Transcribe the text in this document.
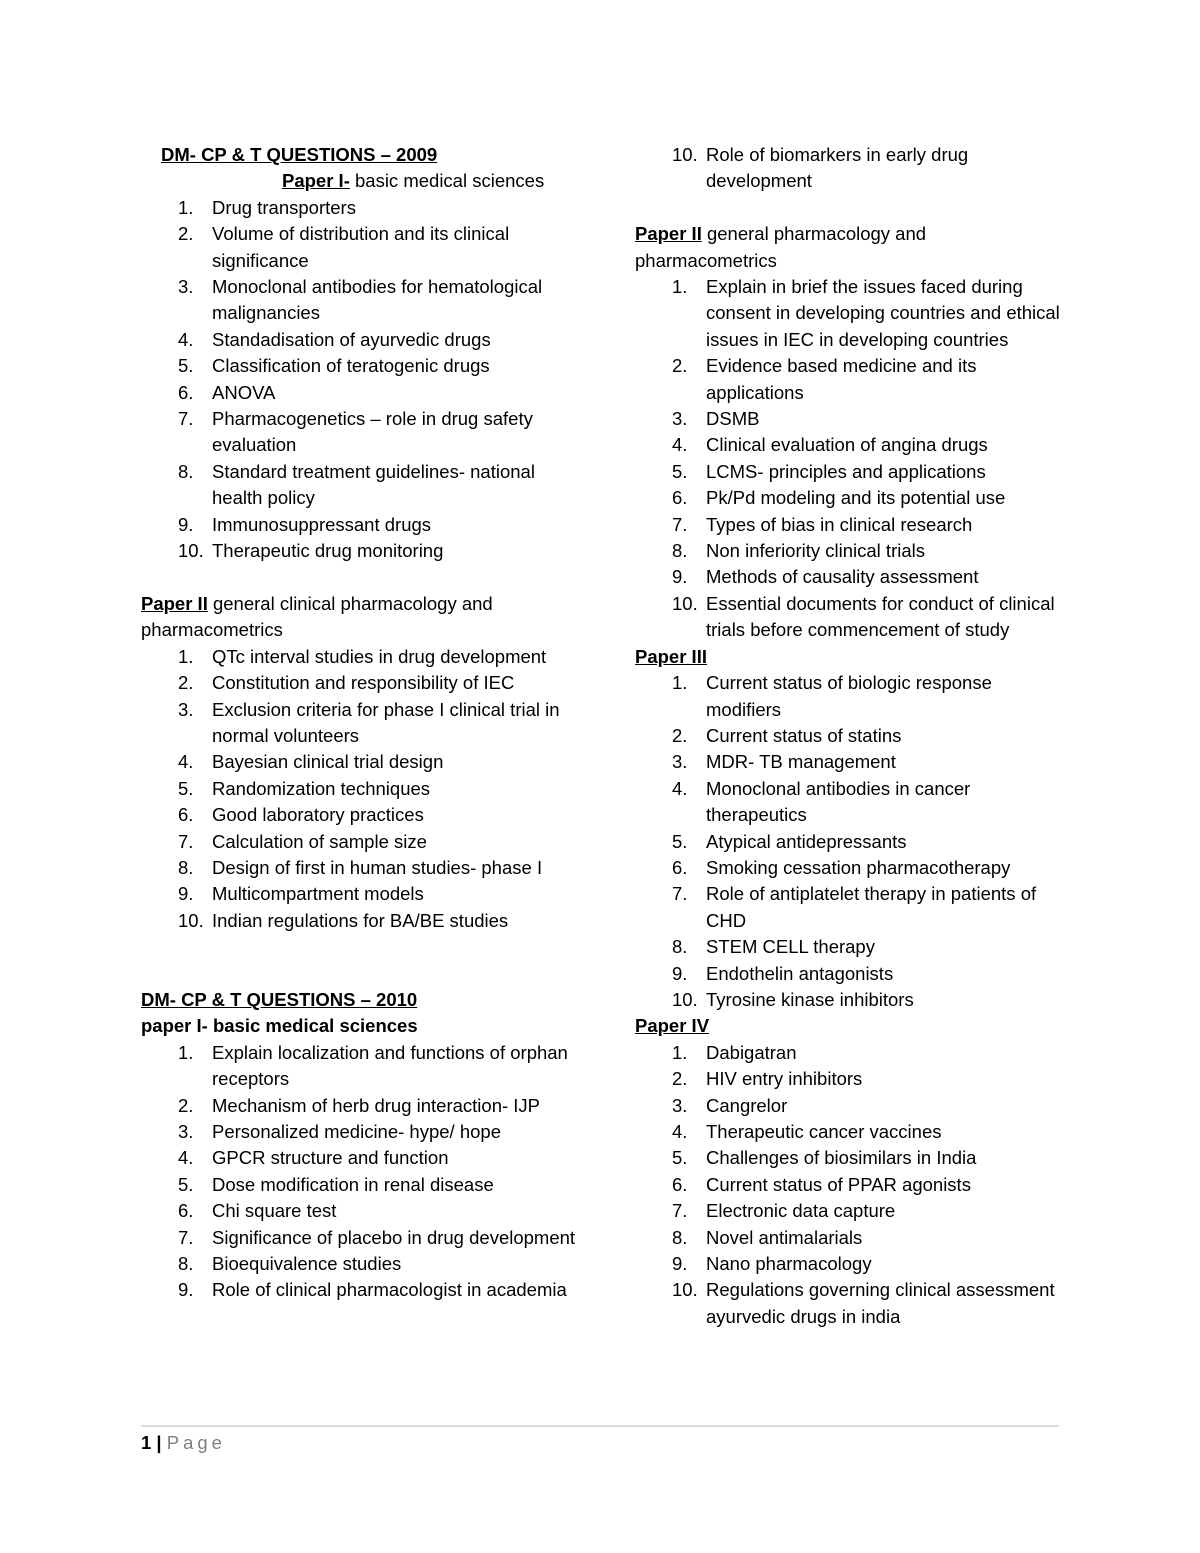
DM- CP & T QUESTIONS – 2009
Paper I- basic medical sciences
1.	Drug transporters
2.	Volume of distribution and its clinical significance
3.	Monoclonal antibodies for hematological malignancies
4.	Standadisation of ayurvedic drugs
5.	Classification of teratogenic drugs
6.	ANOVA
7.	Pharmacogenetics – role in drug safety evaluation
8.	Standard treatment guidelines- national health policy
9.	Immunosuppressant drugs
10. Therapeutic drug monitoring
Paper II general clinical pharmacology and pharmacometrics
1.	QTc interval studies in drug development
2.	Constitution and responsibility of IEC
3.	Exclusion criteria for phase I clinical trial in normal volunteers
4.	Bayesian clinical trial design
5.	Randomization techniques
6.	Good laboratory practices
7.	Calculation of sample size
8.	Design of first in human studies- phase I
9.	Multicompartment models
10. Indian regulations for BA/BE studies
DM- CP & T QUESTIONS – 2010
paper I- basic medical sciences
1.	Explain localization and functions of orphan receptors
2.	Mechanism of herb drug interaction- IJP
3.	Personalized medicine- hype/ hope
4.	GPCR structure and function
5.	Dose modification in renal disease
6.	Chi square test
7.	Significance of placebo in drug development
8.	Bioequivalence studies
9.	Role of clinical pharmacologist in academia
10. Role of biomarkers in early drug development
Paper II general pharmacology and pharmacometrics
1.	Explain in brief the issues faced during consent in developing countries and ethical issues in IEC in developing countries
2.	Evidence based medicine and its applications
3.	DSMB
4.	Clinical evaluation of angina drugs
5.	LCMS- principles and applications
6.	Pk/Pd modeling and its potential use
7.	Types of bias in clinical research
8.	Non inferiority clinical trials
9.	Methods of causality assessment
10. Essential documents for conduct of clinical trials before commencement of study
Paper III
1.	Current status of biologic response modifiers
2.	Current status of statins
3.	MDR- TB management
4.	Monoclonal antibodies in cancer therapeutics
5.	Atypical antidepressants
6.	Smoking cessation pharmacotherapy
7.	Role of antiplatelet therapy in patients of CHD
8.	STEM CELL therapy
9.	Endothelin antagonists
10. Tyrosine kinase inhibitors
Paper IV
1.	Dabigatran
2.	HIV entry inhibitors
3.	Cangrelor
4.	Therapeutic cancer vaccines
5.	Challenges of biosimilars in India
6.	Current status of PPAR agonists
7.	Electronic data capture
8.	Novel antimalarials
9.	Nano pharmacology
10. Regulations governing clinical assessment ayurvedic drugs in india
1 | Page
